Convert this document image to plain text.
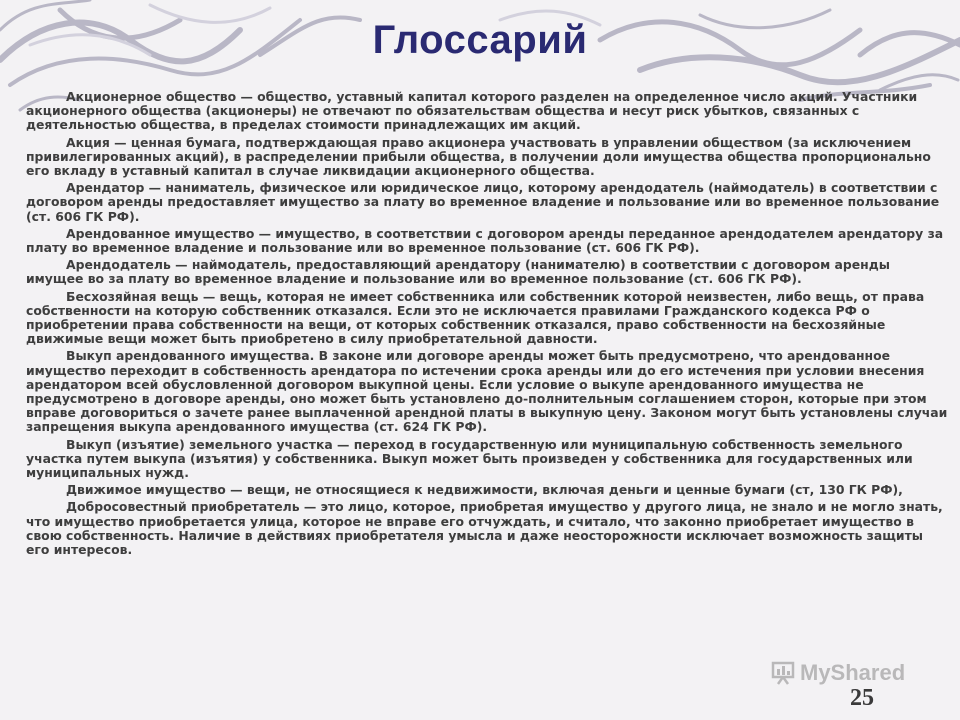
Глоссарий

Акционерное общество — общество, уставный капитал которого разделен на определенное число акций. Участники акционерного общества (акционеры) не отвечают по обязательствам общества и несут риск убытков, связанных с деятельностью общества, в пределах стоимости принадлежащих им акций.

Акция — ценная бумага, подтверждающая право акционера участвовать в управлении обществом (за исключением привилегированных акций), в распределении прибыли общества, в получении доли имущества общества пропорционально его вкладу в уставный капитал в случае ликвидации акционерного общества.

Арендатор — наниматель, физическое или юридическое лицо, которому арендодатель (наймодатель) в соответствии с договором аренды предоставляет имущество за плату во временное владение и пользование или во временное пользование (ст. 606 ГК РФ).

Арендованное имущество — имущество, в соответствии с договором аренды переданное арендодателем арендатору за плату во временное владение и пользование или во временное пользование (ст. 606 ГК РФ).

Арендодатель — наймодатель, предоставляющий арендатору (нанимателю) в соответствии с договором аренды имущее во за плату во временное владение и пользование или во временное пользование (ст. 606 ГК РФ).

Бесхозяйная вещь — вещь, которая не имеет собственника или собственник которой неизвестен, либо вещь, от права собственности на которую собственник отказался. Если это не исключается правилами Гражданского кодекса РФ о приобретении права собственности на вещи, от которых собственник отказался, право собственности на бесхозяйные движимые вещи может быть приобретено в силу приобретательной давности.

Выкуп арендованного имущества. В законе или договоре аренды может быть предусмотрено, что арендованное имущество переходит в собственность арендатора по истечении срока аренды или до его истечения при условии внесения арендатором всей обусловленной договором выкупной цены. Если условие о выкупе арендованного имущества не предусмотрено в договоре аренды, оно может быть установлено до-полнительным соглашением сторон, которые при этом вправе договориться о зачете ранее выплаченной арендной платы в выкупную цену. Законом могут быть установлены случаи запрещения выкупа арендованного имущества (ст. 624 ГК РФ).

Выкуп (изъятие) земельного участка — переход в государственную или муниципальную собственность земельного участка путем выкупа (изъятия) у собственника. Выкуп может быть произведен у собственника для государственных или муниципальных нужд.

Движимое имущество — вещи, не относящиеся к недвижимости, включая деньги и ценные бумаги (ст, 130 ГК РФ),

Добросовестный приобретатель — это лицо, которое, приобретая имущество у другого лица, не знало и не могло знать, что имущество приобретается улица, которое не вправе его отчуждать, и считало, что законно приобретает имущество в свою собственность. Наличие в действиях приобретателя умысла и даже неосторожности исключает возможность защиты его интересов.

MyShared
25
